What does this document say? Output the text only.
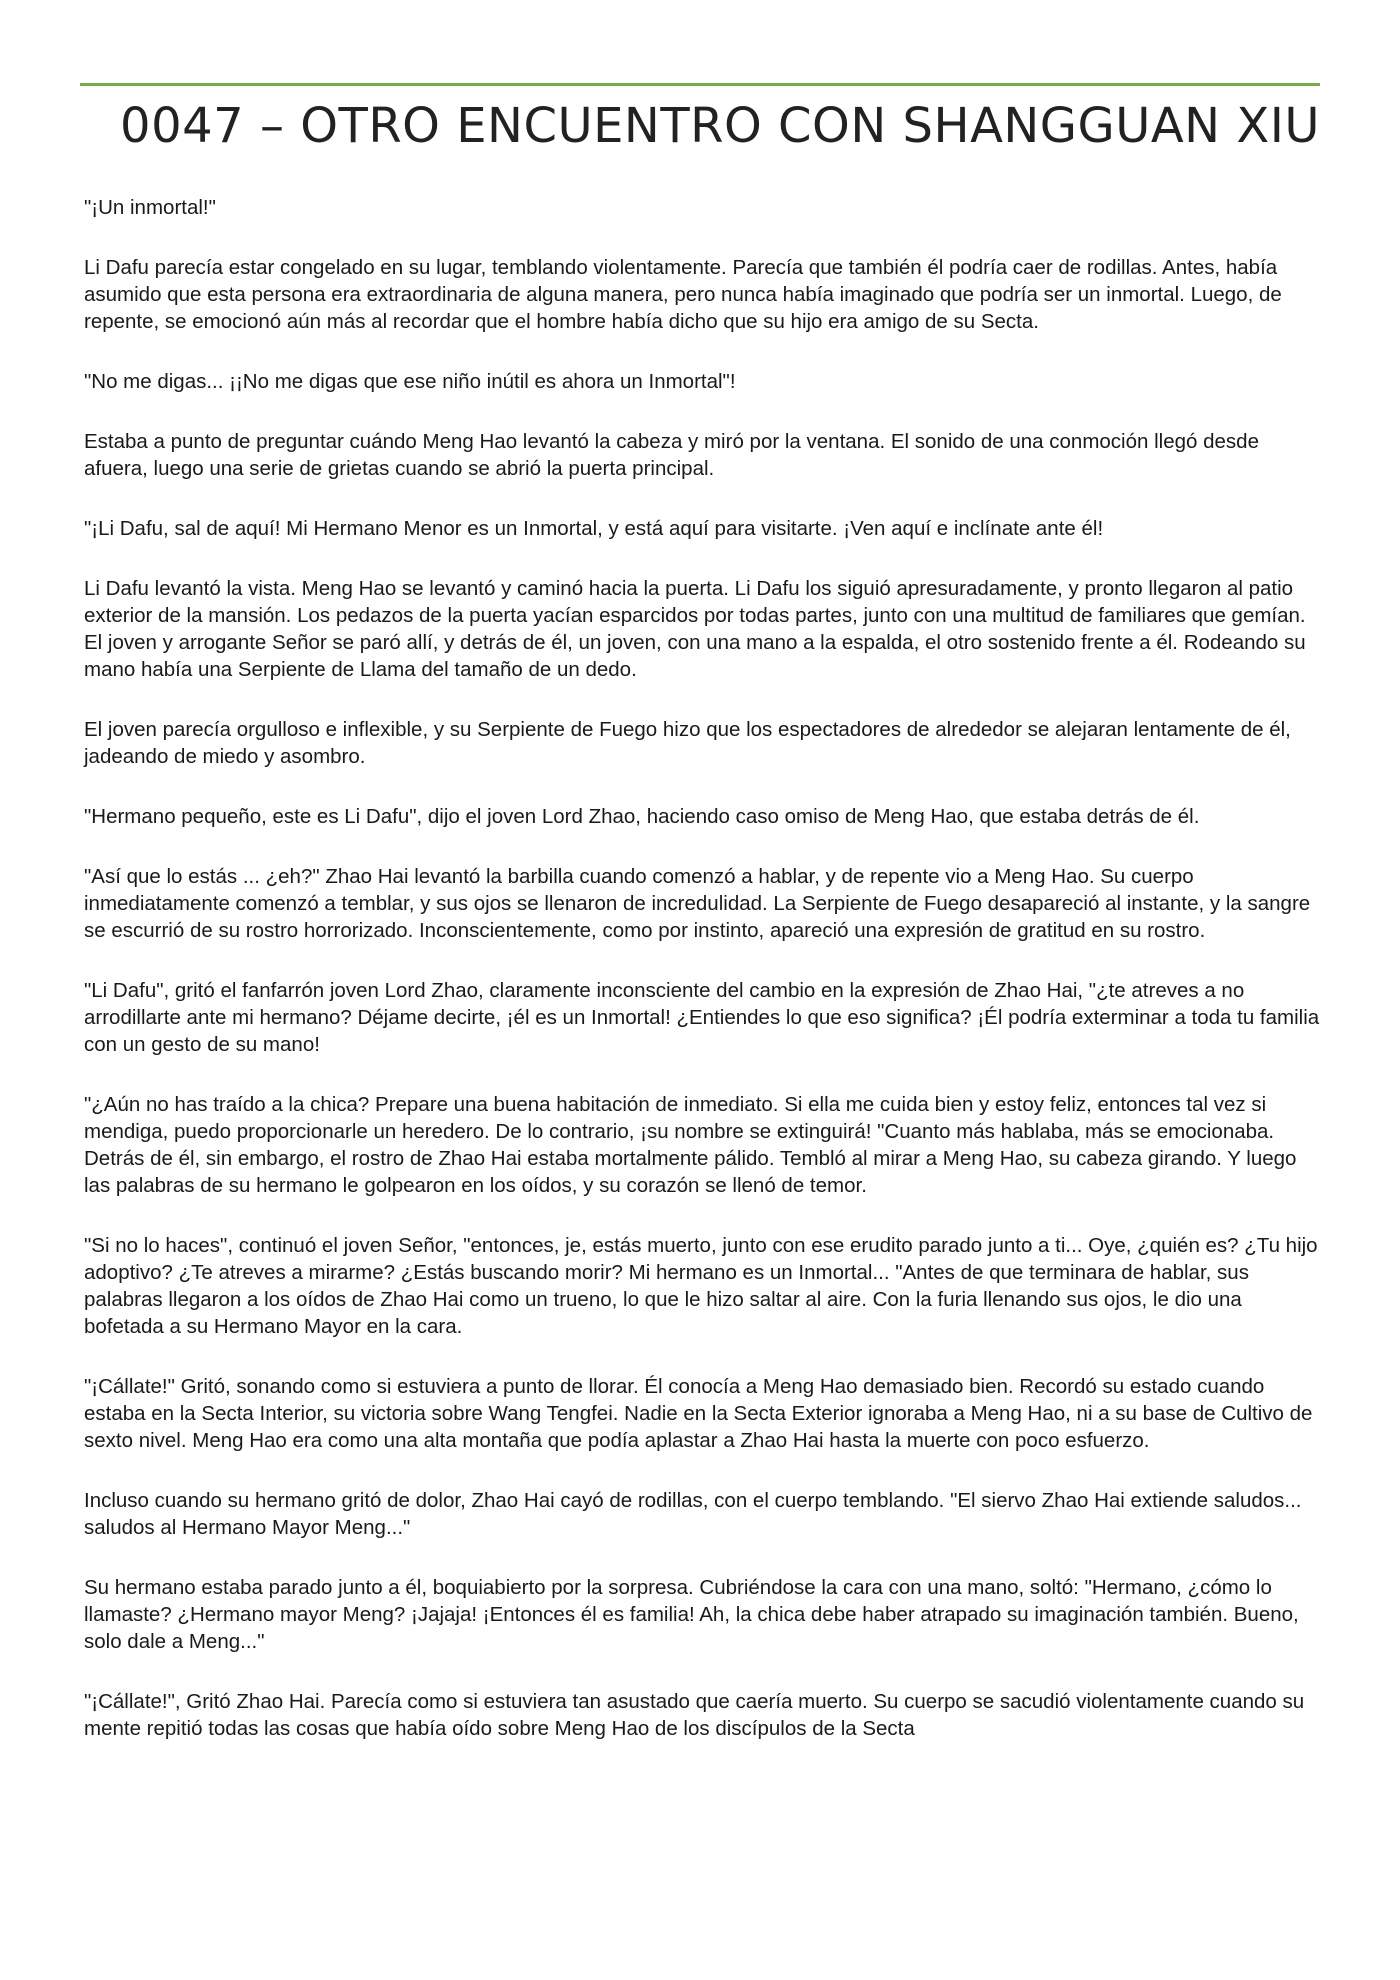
0047 – OTRO ENCUENTRO CON SHANGGUAN XIU

"¡Un inmortal!"

Li Dafu parecía estar congelado en su lugar, temblando violentamente. Parecía que también él podría caer de rodillas. Antes, había asumido que esta persona era extraordinaria de alguna manera, pero nunca había imaginado que podría ser un inmortal. Luego, de repente, se emocionó aún más al recordar que el hombre había dicho que su hijo era amigo de su Secta.

"No me digas... ¡¡No me digas que ese niño inútil es ahora un Inmortal"!

Estaba a punto de preguntar cuándo Meng Hao levantó la cabeza y miró por la ventana. El sonido de una conmoción llegó desde afuera, luego una serie de grietas cuando se abrió la puerta principal.

"¡Li Dafu, sal de aquí! Mi Hermano Menor es un Inmortal, y está aquí para visitarte. ¡Ven aquí e inclínate ante él!

Li Dafu levantó la vista. Meng Hao se levantó y caminó hacia la puerta. Li Dafu los siguió apresuradamente, y pronto llegaron al patio exterior de la mansión. Los pedazos de la puerta yacían esparcidos por todas partes, junto con una multitud de familiares que gemían. El joven y arrogante Señor se paró allí, y detrás de él, un joven, con una mano a la espalda, el otro sostenido frente a él. Rodeando su mano había una Serpiente de Llama del tamaño de un dedo.

El joven parecía orgulloso e inflexible, y su Serpiente de Fuego hizo que los espectadores de alrededor se alejaran lentamente de él, jadeando de miedo y asombro.

"Hermano pequeño, este es Li Dafu", dijo el joven Lord Zhao, haciendo caso omiso de Meng Hao, que estaba detrás de él.

"Así que lo estás ... ¿eh?" Zhao Hai levantó la barbilla cuando comenzó a hablar, y de repente vio a Meng Hao. Su cuerpo inmediatamente comenzó a temblar, y sus ojos se llenaron de incredulidad. La Serpiente de Fuego desapareció al instante, y la sangre se escurrió de su rostro horrorizado. Inconscientemente, como por instinto, apareció una expresión de gratitud en su rostro.

"Li Dafu", gritó el fanfarrón joven Lord Zhao, claramente inconsciente del cambio en la expresión de Zhao Hai, "¿te atreves a no arrodillarte ante mi hermano? Déjame decirte, ¡él es un Inmortal! ¿Entiendes lo que eso significa? ¡Él podría exterminar a toda tu familia con un gesto de su mano!

"¿Aún no has traído a la chica? Prepare una buena habitación de inmediato. Si ella me cuida bien y estoy feliz, entonces tal vez si mendiga, puedo proporcionarle un heredero. De lo contrario, ¡su nombre se extinguirá! "Cuanto más hablaba, más se emocionaba. Detrás de él, sin embargo, el rostro de Zhao Hai estaba mortalmente pálido. Tembló al mirar a Meng Hao, su cabeza girando. Y luego las palabras de su hermano le golpearon en los oídos, y su corazón se llenó de temor.

"Si no lo haces", continuó el joven Señor, "entonces, je, estás muerto, junto con ese erudito parado junto a ti... Oye, ¿quién es? ¿Tu hijo adoptivo? ¿Te atreves a mirarme? ¿Estás buscando morir? Mi hermano es un Inmortal... "Antes de que terminara de hablar, sus palabras llegaron a los oídos de Zhao Hai como un trueno, lo que le hizo saltar al aire. Con la furia llenando sus ojos, le dio una bofetada a su Hermano Mayor en la cara.

"¡Cállate!" Gritó, sonando como si estuviera a punto de llorar. Él conocía a Meng Hao demasiado bien. Recordó su estado cuando estaba en la Secta Interior, su victoria sobre Wang Tengfei. Nadie en la Secta Exterior ignoraba a Meng Hao, ni a su base de Cultivo de sexto nivel. Meng Hao era como una alta montaña que podía aplastar a Zhao Hai hasta la muerte con poco esfuerzo.

Incluso cuando su hermano gritó de dolor, Zhao Hai cayó de rodillas, con el cuerpo temblando. "El siervo Zhao Hai extiende saludos... saludos al Hermano Mayor Meng..."

Su hermano estaba parado junto a él, boquiabierto por la sorpresa. Cubriéndose la cara con una mano, soltó: "Hermano, ¿cómo lo llamaste? ¿Hermano mayor Meng? ¡Jajaja! ¡Entonces él es familia! Ah, la chica debe haber atrapado su imaginación también. Bueno, solo dale a Meng..."

"¡Cállate!", Gritó Zhao Hai. Parecía como si estuviera tan asustado que caería muerto. Su cuerpo se sacudió violentamente cuando su mente repitió todas las cosas que había oído sobre Meng Hao de los discípulos de la Secta
